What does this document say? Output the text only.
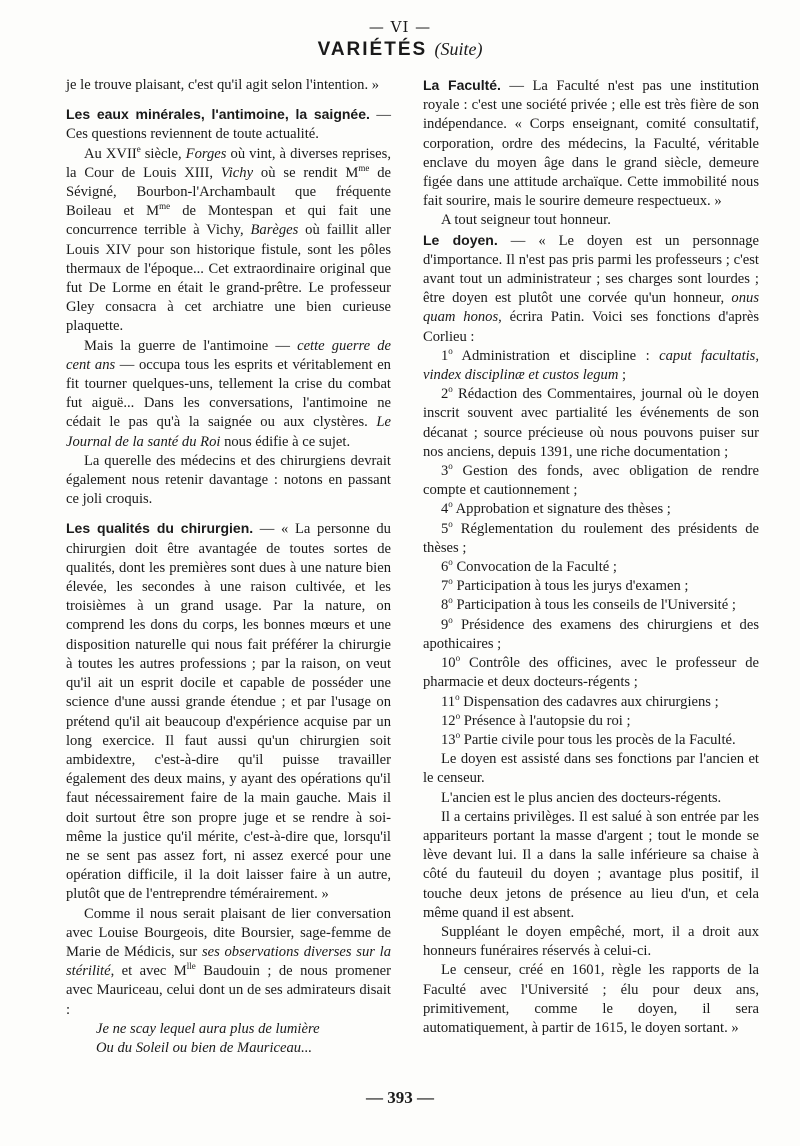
— VI —
VARIÉTÉS (Suite)

je le trouve plaisant, c'est qu'il agit selon l'intention. »

Les eaux minérales, l'antimoine, la saignée. — Ces questions reviennent de toute actualité.

Au XVIIe siècle, Forges où vint, à diverses reprises, la Cour de Louis XIII, Vichy où se rendit $M^{me}$ de Sévigné, Bourbon-l'Archambault que fréquente Boileau et $M^{me}$ de Montespan et qui fait une concurrence terrible à Vichy, Barèges où faillit aller Louis XIV pour son historique fistule, sont les pôles thermaux de l'époque... Cet extraordinaire original que fut De Lorme en était le grand-prêtre. Le professeur Gley consacra à cet archiatre une bien curieuse plaquette.

Mais la guerre de l'antimoine — cette guerre de cent ans — occupa tous les esprits et véritablement en fit tourner quelques-uns, tellement la crise du combat fut aiguë... Dans les conversations, l'antimoine ne cédait le pas qu'à la saignée ou aux clystères. Le Journal de la santé du Roi nous édifie à ce sujet.

La querelle des médecins et des chirurgiens devrait également nous retenir davantage : notons en passant ce joli croquis.

Les qualités du chirurgien. — « La personne du chirurgien doit être avantagée de toutes sortes de qualités, dont les premières sont dues à une nature bien élevée, les secondes à une raison cultivée, et les troisièmes à un grand usage. Par la nature, on comprend les dons du corps, les bonnes mœurs et une disposition naturelle qui nous fait préférer la chirurgie à toutes les autres professions ; par la raison, on veut qu'il ait un esprit docile et capable de posséder une science d'une aussi grande étendue ; et par l'usage on prétend qu'il ait beaucoup d'expérience acquise par un long exercice. Il faut aussi qu'un chirurgien soit ambidextre, c'est-à-dire qu'il puisse travailler également des deux mains, y ayant des opérations qu'il faut nécessairement faire de la main gauche. Mais il doit surtout être son propre juge et se rendre à soi-même la justice qu'il mérite, c'est-à-dire que, lorsqu'il ne se sent pas assez fort, ni assez exercé pour une opération difficile, il la doit laisser faire à un autre, plutôt que de l'entreprendre témérairement. »

Comme il nous serait plaisant de lier conversation avec Louise Bourgeois, dite Boursier, sage-femme de Marie de Médicis, sur ses observations diverses sur la stérilité, et avec $M^{lle}$ Baudouin ; de nous promener avec Mauriceau, celui dont un de ses admirateurs disait :

Je ne scay lequel aura plus de lumière

Ou du Soleil ou bien de Mauriceau...

La Faculté. — La Faculté n'est pas une institution royale : c'est une société privée ; elle est très fière de son indépendance. « Corps enseignant, comité consultatif, corporation, ordre des médecins, la Faculté, véritable enclave du moyen âge dans le grand siècle, demeure figée dans une attitude archaïque. Cette immobilité nous fait sourire, mais le sourire demeure respectueux. »

A tout seigneur tout honneur.

Le doyen. — « Le doyen est un personnage d'importance. Il n'est pas pris parmi les professeurs ; c'est avant tout un administrateur ; ses charges sont lourdes ; être doyen est plutôt une corvée qu'un honneur, onus quam honos, écrira Patin. Voici ses fonctions d'après Corlieu :

1$^o$ Administration et discipline : caput facultatis, vindex disciplinæ et custos legum ;

2$^o$ Rédaction des Commentaires, journal où le doyen inscrit souvent avec partialité les événements de son décanat ; source précieuse où nous pouvons puiser sur nos anciens, depuis 1391, une riche documentation ;

3$^o$ Gestion des fonds, avec obligation de rendre compte et cautionnement ;

4$^o$ Approbation et signature des thèses ;

5$^o$ Réglementation du roulement des présidents de thèses ;

6$^o$ Convocation de la Faculté ;

7$^o$ Participation à tous les jurys d'examen ;

8$^o$ Participation à tous les conseils de l'Université ;

9$^o$ Présidence des examens des chirurgiens et des apothicaires ;

10$^o$ Contrôle des officines, avec le professeur de pharmacie et deux docteurs-régents ;

11$^o$ Dispensation des cadavres aux chirurgiens ;

12$^o$ Présence à l'autopsie du roi ;

13$^o$ Partie civile pour tous les procès de la Faculté.

Le doyen est assisté dans ses fonctions par l'ancien et le censeur.

L'ancien est le plus ancien des docteurs-régents.

Il a certains privilèges. Il est salué à son entrée par les appariteurs portant la masse d'argent ; tout le monde se lève devant lui. Il a dans la salle inférieure sa chaise à côté du fauteuil du doyen ; avantage plus positif, il touche deux jetons de présence au lieu d'un, et cela même quand il est absent.

Suppléant le doyen empêché, mort, il a droit aux honneurs funéraires réservés à celui-ci.

Le censeur, créé en 1601, règle les rapports de la Faculté avec l'Université ; élu pour deux ans, primitivement, comme le doyen, il sera automatiquement, à partir de 1615, le doyen sortant. »

— 393 —
